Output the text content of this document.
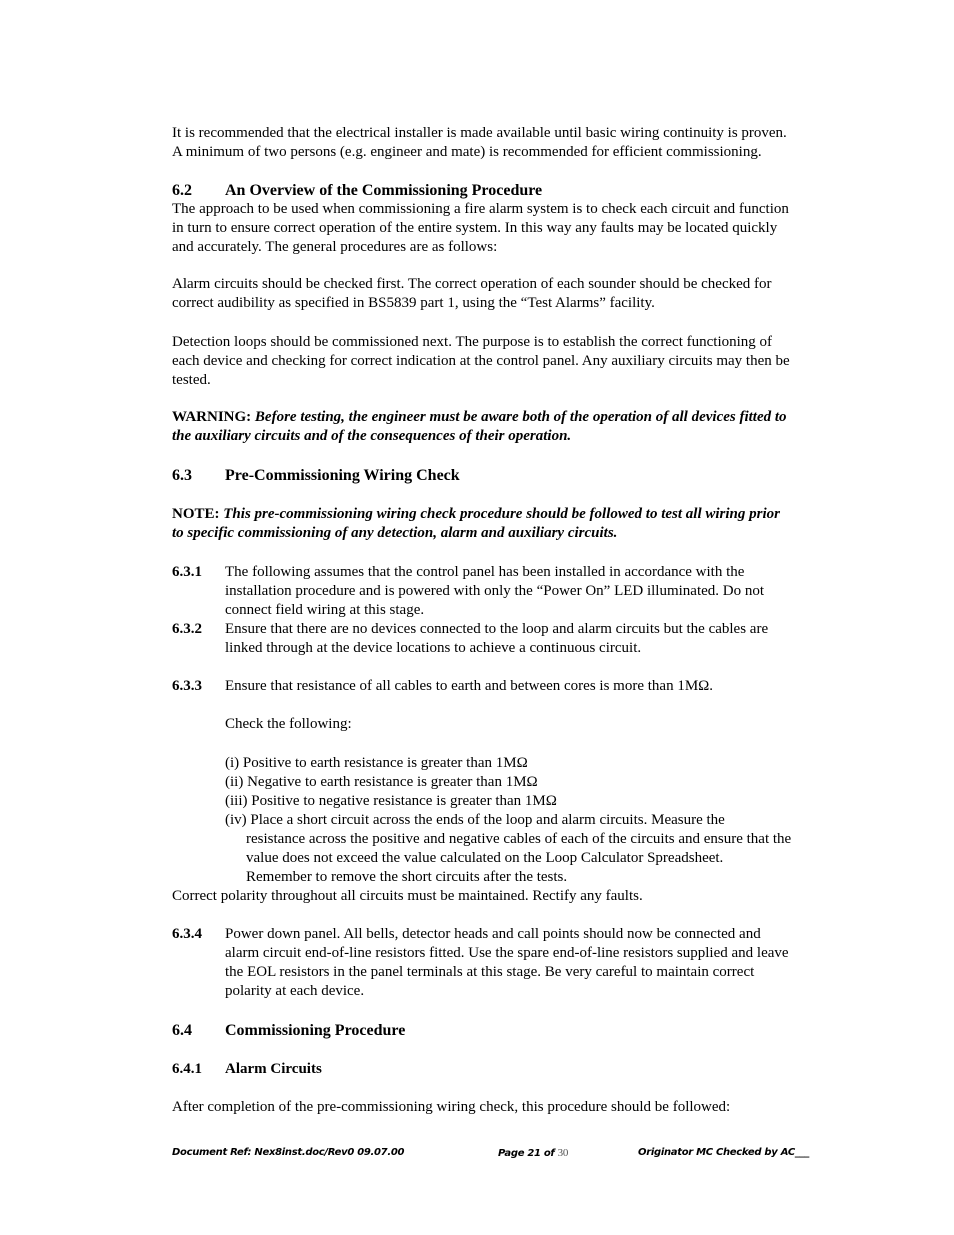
It is recommended that the electrical installer is made available until basic wiring continuity is proven. A minimum of two persons (e.g. engineer and mate) is recommended for efficient commissioning.

6.2	An Overview of the Commissioning Procedure

The approach to be used when commissioning a fire alarm system is to check each circuit and function in turn to ensure correct operation of the entire system. In this way any faults may be located quickly and accurately. The general procedures are as follows:

Alarm circuits should be checked first. The correct operation of each sounder should be checked for correct audibility as specified in BS5839 part 1, using the “Test Alarms” facility.

Detection loops should be commissioned next. The purpose is to establish the correct functioning of each device and checking for correct indication at the control panel. Any auxiliary circuits may then be tested.

WARNING: Before testing, the engineer must be aware both of the operation of all devices fitted to the auxiliary circuits and of the consequences of their operation.

6.3	Pre-Commissioning Wiring Check

NOTE: This pre-commissioning wiring check procedure should be followed to test all wiring prior to specific commissioning of any detection, alarm and auxiliary circuits.

6.3.1	The following assumes that the control panel has been installed in accordance with the installation procedure and is powered with only the “Power On” LED illuminated. Do not connect field wiring at this stage.
6.3.2	Ensure that there are no devices connected to the loop and alarm circuits but the cables are linked through at the device locations to achieve a continuous circuit.
6.3.3	Ensure that resistance of all cables to earth and between cores is more than 1MΩ.

Check the following:

(i) Positive to earth resistance is greater than 1MΩ

(ii) Negative to earth resistance is greater than 1MΩ

(iii) Positive to negative resistance is greater than 1MΩ

(iv) Place a short circuit across the ends of the loop and alarm circuits. Measure the

resistance across the positive and negative cables of each of the circuits and ensure that the value does not exceed the value calculated on the Loop Calculator Spreadsheet. Remember to remove the short circuits after the tests.

Correct polarity throughout all circuits must be maintained. Rectify any faults.

6.3.4	Power down panel. All bells, detector heads and call points should now be connected and alarm circuit end-of-line resistors fitted. Use the spare end-of-line resistors supplied and leave the EOL resistors in the panel terminals at this stage. Be very careful to maintain correct polarity at each device.
6.4	Commissioning Procedure
6.4.1	Alarm Circuits

After completion of the pre-commissioning wiring check, this procedure should be followed:

Document Ref: Nex8inst.doc/Rev0 09.07.00	Page 21 of 30	Originator MC Checked by AC___
